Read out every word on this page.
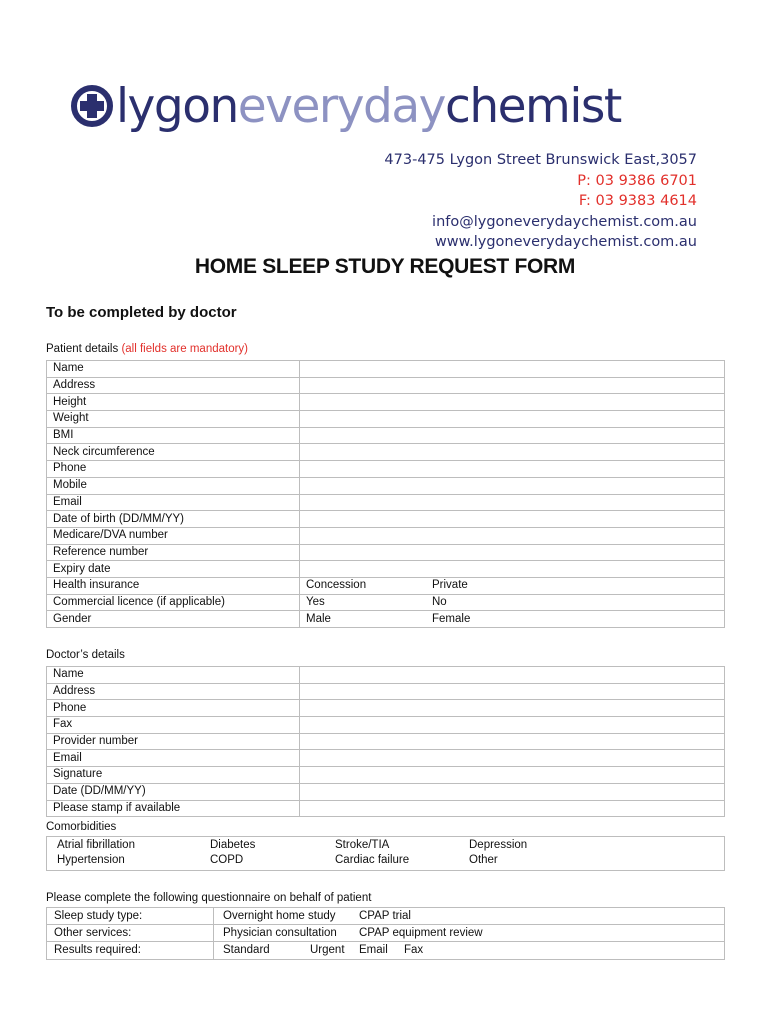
lygoneverydaychemist
473-475 Lygon Street Brunswick East,3057
P: 03 9386 6701
F: 03 9383 4614
info@lygoneverydaychemist.com.au
www.lygoneverydaychemist.com.au
HOME SLEEP STUDY REQUEST FORM
To be completed by doctor
Patient details (all fields are mandatory)
Name	
Address	
Height	
Weight	
BMI	
Neck circumference	
Phone	
Mobile	
Email	
Date of birth (DD/MM/YY)	
Medicare/DVA number	
Reference number	
Expiry date	
Health insurance		Concession	Private

Commercial licence (if applicable)		Yes	No

Gender		Male	Female
Doctor’s details
Name	
Address	
Phone	
Fax	
Provider number	
Email	
Signature	
Date (DD/MM/YY)	
Please stamp if available	
Comorbidities
Atrial fibrillation	Diabetes	Stroke/TIA	Depression
Hypertension	COPD	Cardiac failure	Other
Please complete the following questionnaire on behalf of patient
Sleep study type:	Overnight home study CPAP trial
Other services:	Physician consultation CPAP equipment review
Results required:	Standard	Urgent Email Fax
